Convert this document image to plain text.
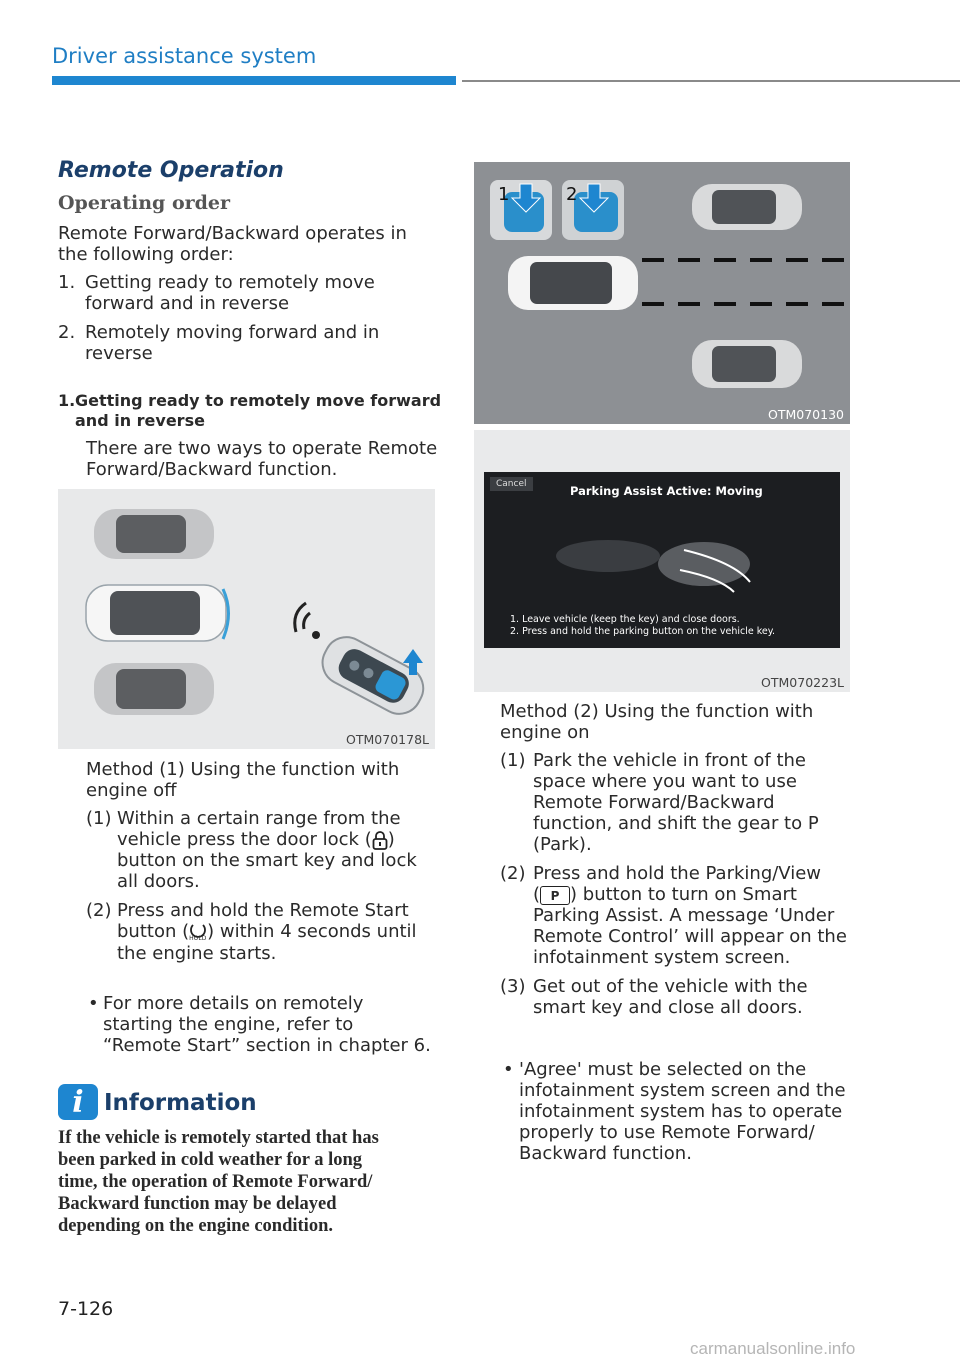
Driver assistance system
Remote Operation
Operating order
Remote Forward/Backward operates in
the following order:
1. Getting ready to remotely move
forward and in reverse
2. Remotely moving forward and in
reverse
1. Getting ready to remotely move forward
and in reverse
There are two ways to operate Remote
Forward/Backward function.
OTM070178L
Method (1) Using the function with
engine off
(1) Within a certain range from the
vehicle press the door lock ( )
button on the smart key and lock
all doors.
(2) Press and hold the Remote Start
button ( HOLD ) within 4 seconds until
the engine starts.
• For more details on remotely
starting the engine, refer to
“Remote Start” section in chapter 6.
i Information
If the vehicle is remotely started that has
been parked in cold weather for a long
time, the operation of Remote Forward/
Backward function may be delayed
depending on the engine condition.
1	2
OTM070130
Cancel	Parking Assist Active: Moving
1. Leave vehicle (keep the key) and close doors.
2. Press and hold the parking button on the vehicle key.
OTM070223L
Method (2) Using the function with
engine on
(1) Park the vehicle in front of the
space where you want to use
Remote Forward/Backward
function, and shift the gear to P
(Park).
(2) Press and hold the Parking/View
( P ) button to turn on Smart
Parking Assist. A message ‘Under
Remote Control’ will appear on the
infotainment system screen.
(3) Get out of the vehicle with the
smart key and close all doors.
• 'Agree' must be selected on the
infotainment system screen and the
infotainment system has to operate
properly to use Remote Forward/
Backward function.
7-126
carmanualsonline.info
